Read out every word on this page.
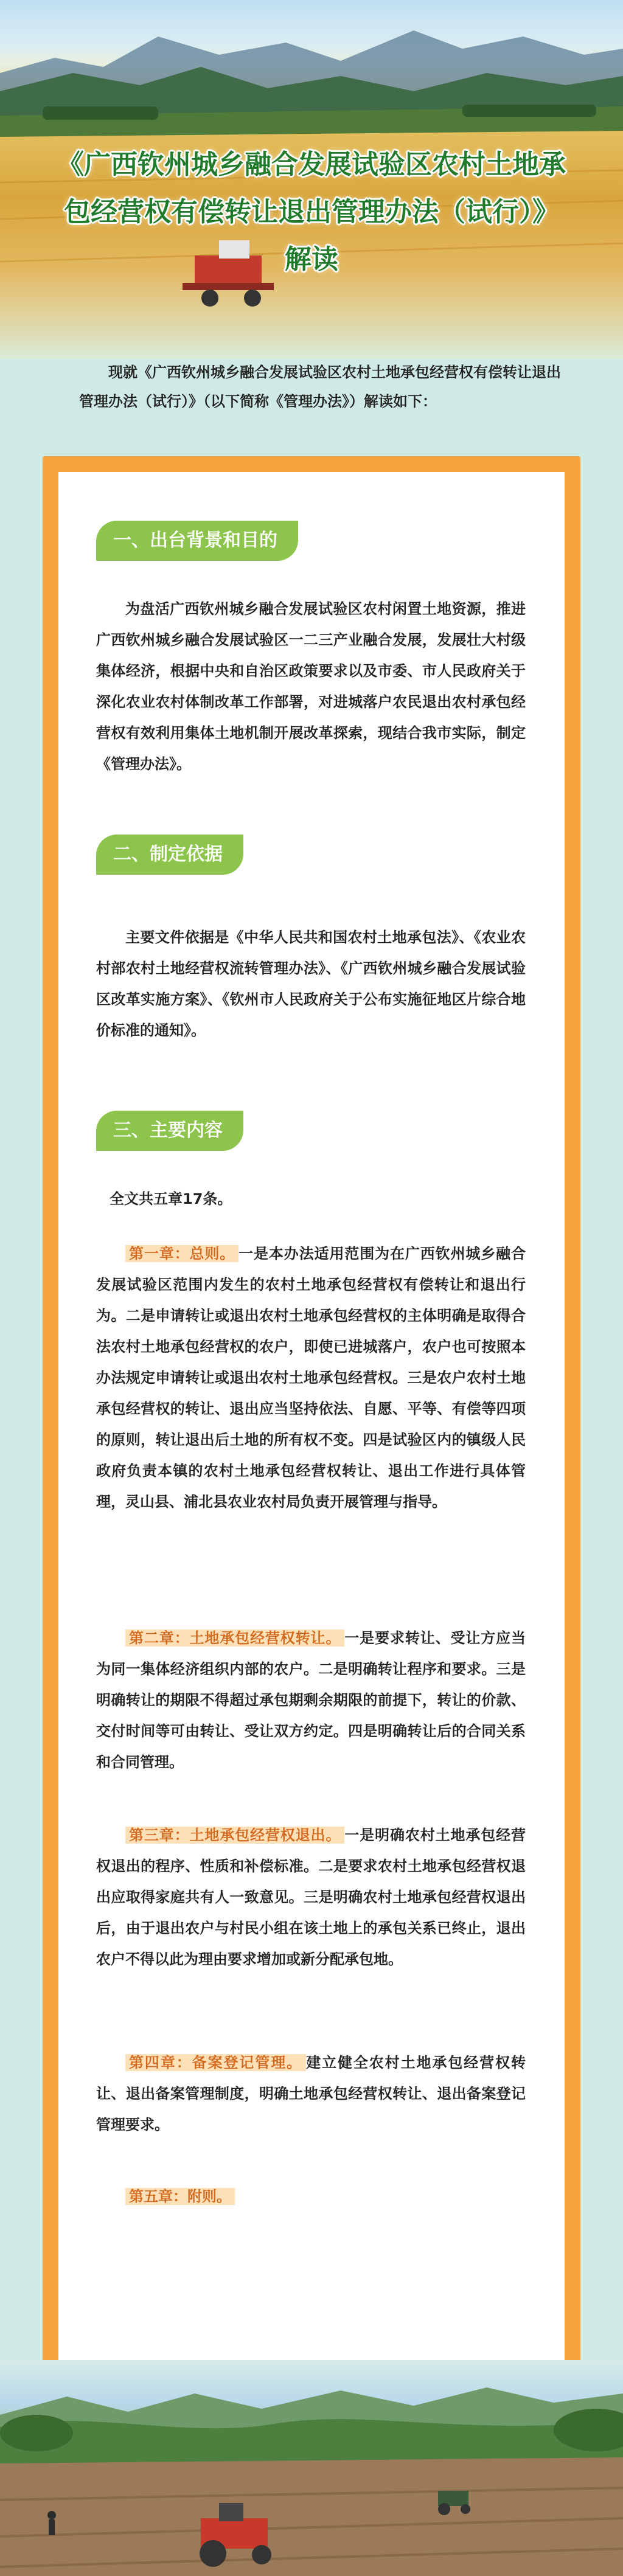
《广西钦州城乡融合发展试验区农村土地承
包经营权有偿转让退出管理办法（试行）》
解读
现就《广西钦州城乡融合发展试验区农村土地承包经营权有偿转让退出管理办法（试行）》（以下简称《管理办法》）解读如下：
一、出台背景和目的
为盘活广西钦州城乡融合发展试验区农村闲置土地资源，推进广西钦州城乡融合发展试验区一二三产业融合发展，发展壮大村级集体经济，根据中央和自治区政策要求以及市委、市人民政府关于深化农业农村体制改革工作部署，对进城落户农民退出农村承包经营权有效利用集体土地机制开展改革探索，现结合我市实际，制定《管理办法》。
二、制定依据
主要文件依据是《中华人民共和国农村土地承包法》、《农业农村部农村土地经营权流转管理办法》、《广西钦州城乡融合发展试验区改革实施方案》、《钦州市人民政府关于公布实施征地区片综合地价标准的通知》。
三、主要内容
全文共五章17条。
第一章：总则。 一是本办法适用范围为在广西钦州城乡融合发展试验区范围内发生的农村土地承包经营权有偿转让和退出行为。二是申请转让或退出农村土地承包经营权的主体明确是取得合法农村土地承包经营权的农户，即使已进城落户，农户也可按照本办法规定申请转让或退出农村土地承包经营权。三是农户农村土地承包经营权的转让、退出应当坚持依法、自愿、平等、有偿等四项的原则，转让退出后土地的所有权不变。四是试验区内的镇级人民政府负责本镇的农村土地承包经营权转让、退出工作进行具体管理，灵山县、浦北县农业农村局负责开展管理与指导。
第二章：土地承包经营权转让。 一是要求转让、受让方应当为同一集体经济组织内部的农户。二是明确转让程序和要求。三是明确转让的期限不得超过承包期剩余期限的前提下，转让的价款、交付时间等可由转让、受让双方约定。四是明确转让后的合同关系和合同管理。
第三章：土地承包经营权退出。 一是明确农村土地承包经营权退出的程序、性质和补偿标准。二是要求农村土地承包经营权退出应取得家庭共有人一致意见。三是明确农村土地承包经营权退出后，由于退出农户与村民小组在该土地上的承包关系已终止，退出农户不得以此为理由要求增加或新分配承包地。
第四章：备案登记管理。 建立健全农村土地承包经营权转让、退出备案管理制度，明确土地承包经营权转让、退出备案登记管理要求。
第五章：附则。
